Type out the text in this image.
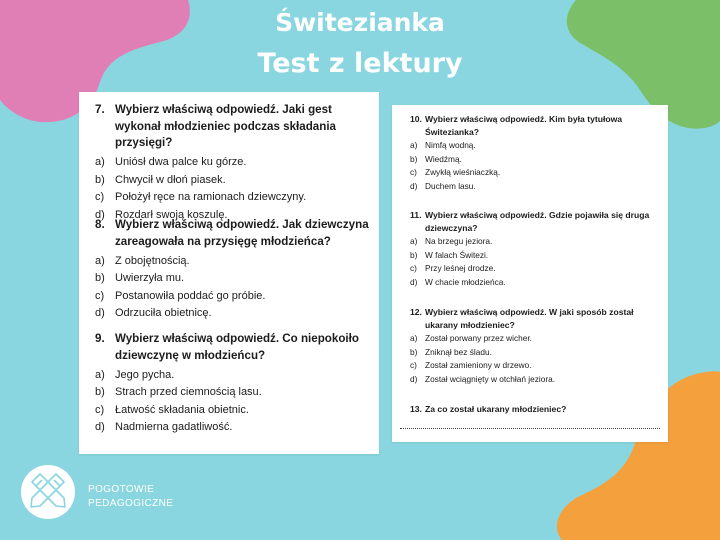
Świtezianka
Test z lektury
7. Wybierz właściwą odpowiedź. Jaki gest wykonał młodzieniec podczas składania przysięgi?
a) Uniósł dwa palce ku górze.
b) Chwycił w dłoń piasek.
c) Położył ręce na ramionach dziewczyny.
d) Rozdarł swoją koszulę.
8. Wybierz właściwą odpowiedź. Jak dziewczyna zareagowała na przysięgę młodzieńca?
a) Z obojętnością.
b) Uwierzyła mu.
c) Postanowiła poddać go próbie.
d) Odrzuciła obietnicę.
9. Wybierz właściwą odpowiedź. Co niepokoiło dziewczynę w młodzieńcu?
a) Jego pycha.
b) Strach przed ciemnością lasu.
c) Łatwość składania obietnic.
d) Nadmierna gadatliwość.
10. Wybierz właściwą odpowiedź. Kim była tytułowa Świtezianka?
a) Nimfą wodną.
b) Wiedźmą.
c) Zwykłą wieśniaczką.
d) Duchem lasu.
11. Wybierz właściwą odpowiedź. Gdzie pojawiła się druga dziewczyna?
a) Na brzegu jeziora.
b) W falach Świtezi.
c) Przy leśnej drodze.
d) W chacie młodzieńca.
12. Wybierz właściwą odpowiedź. W jaki sposób został ukarany młodzieniec?
a) Został porwany przez wicher.
b) Zniknął bez śladu.
c) Został zamieniony w drzewo.
d) Został wciągnięty w otchłań jeziora.
13. Za co został ukarany młodzieniec?
POGOTOWIE
PEDAGOGICZNE
